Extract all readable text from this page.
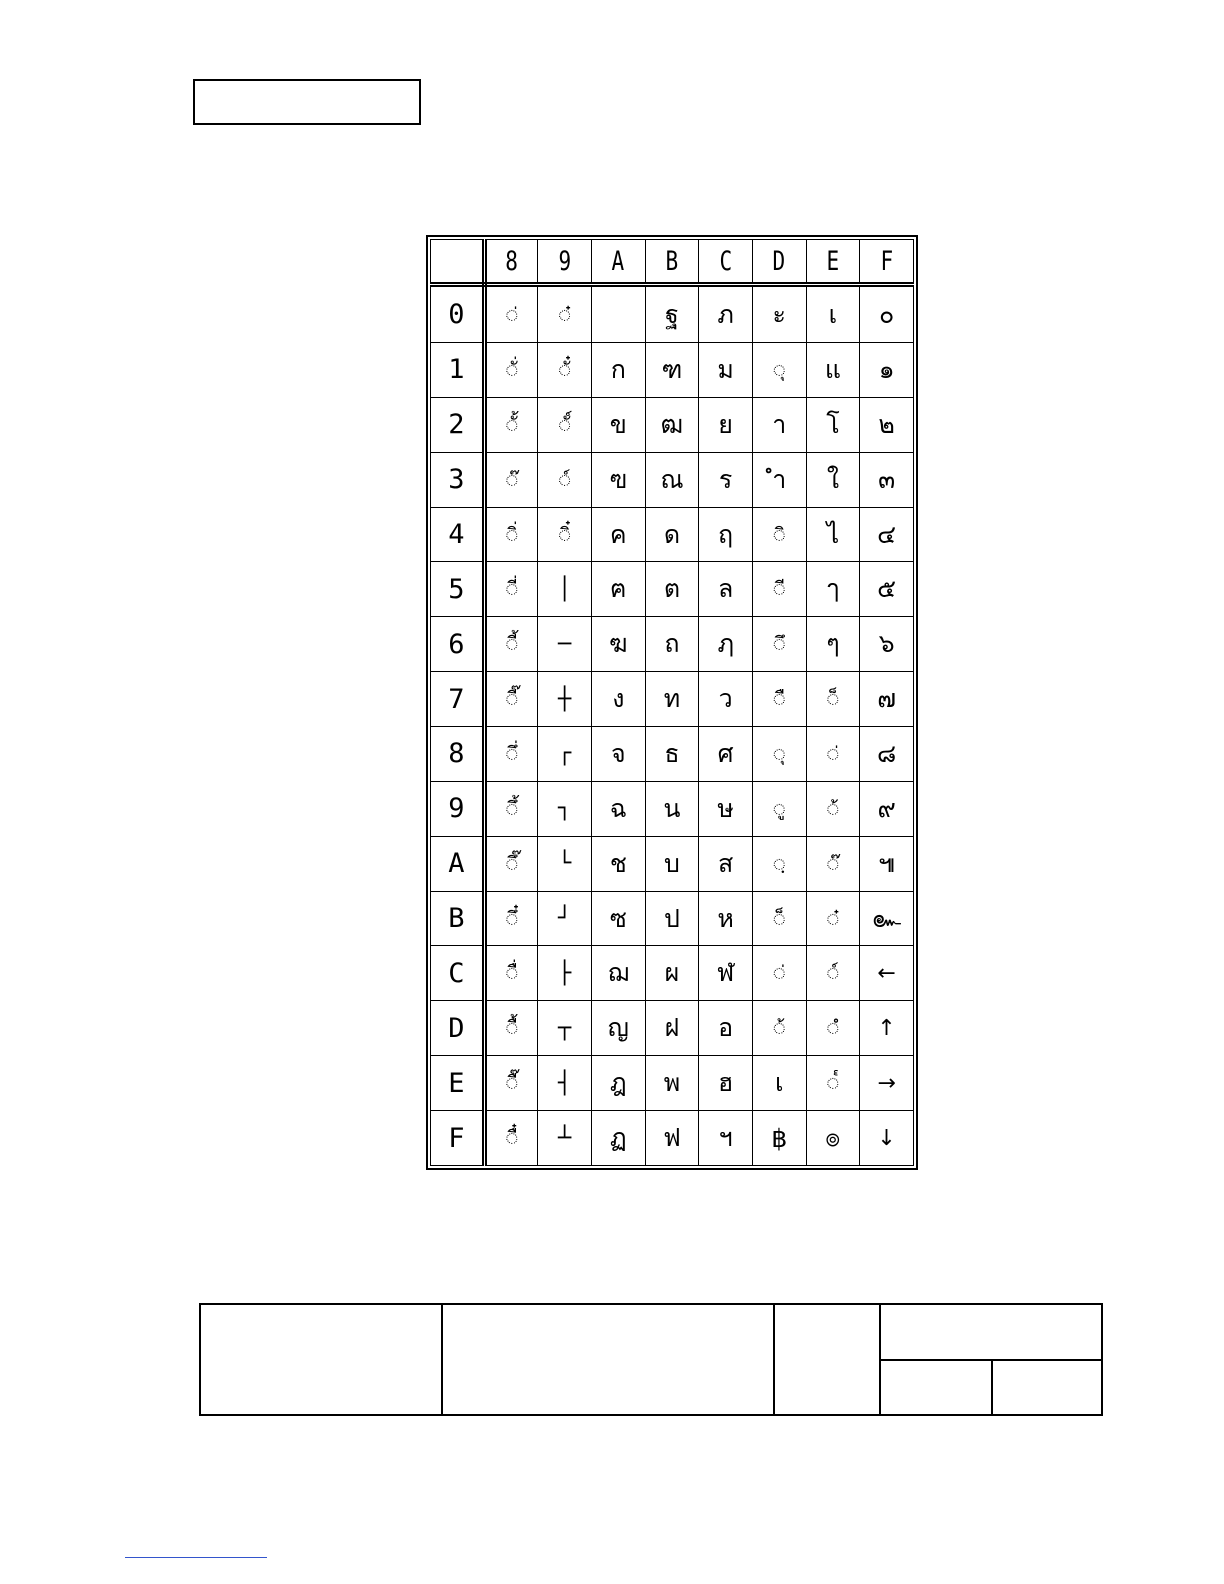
	8	9	A	B	C	D	E	F
0	◌่	◌๋		ฐ	ภ	ะ	เ	๐
1	◌ั่	◌ั๋	ก	ฑ	ม	◌ุ	แ	๑
2	◌ั้	◌ั์	ข	ฒ	ย	า	โ	๒
3	◌๊	◌์	ฃ	ณ	ร	ำ	ใ	๓
4	◌ิ่	◌ิ๋	ค	ด	ฤ	◌ิ	ไ	๔
5	◌ี่	│	ฅ	ต	ล	◌ี	ๅ	๕
6	◌ี้	─	ฆ	ถ	ฦ	◌ึ	ๆ	๖
7	◌ี๊	┼	ง	ท	ว	◌ื	◌็	๗
8	◌ึ่	┌	จ	ธ	ศ	◌ุ	◌่	๘
9	◌ึ้	┐	ฉ	น	ษ	◌ู	◌้	๙
A	◌ึ๊	└	ช	บ	ส	◌ฺ	◌๊	๚
B	◌ึ๋	┘	ซ	ป	ห	◌็	◌๋	๛
C	◌ื่	├	ฌ	ผ	ฬ	◌่	◌์	←
D	◌ื้	┬	ญ	ฝ	อ	◌้	◌ํ	↑
E	◌ื๊	┤	ฎ	พ	ฮ	เ	◌๎	→
F	◌ื๋	┴	ฏ	ฟ	ฯ	฿	๏	↓
